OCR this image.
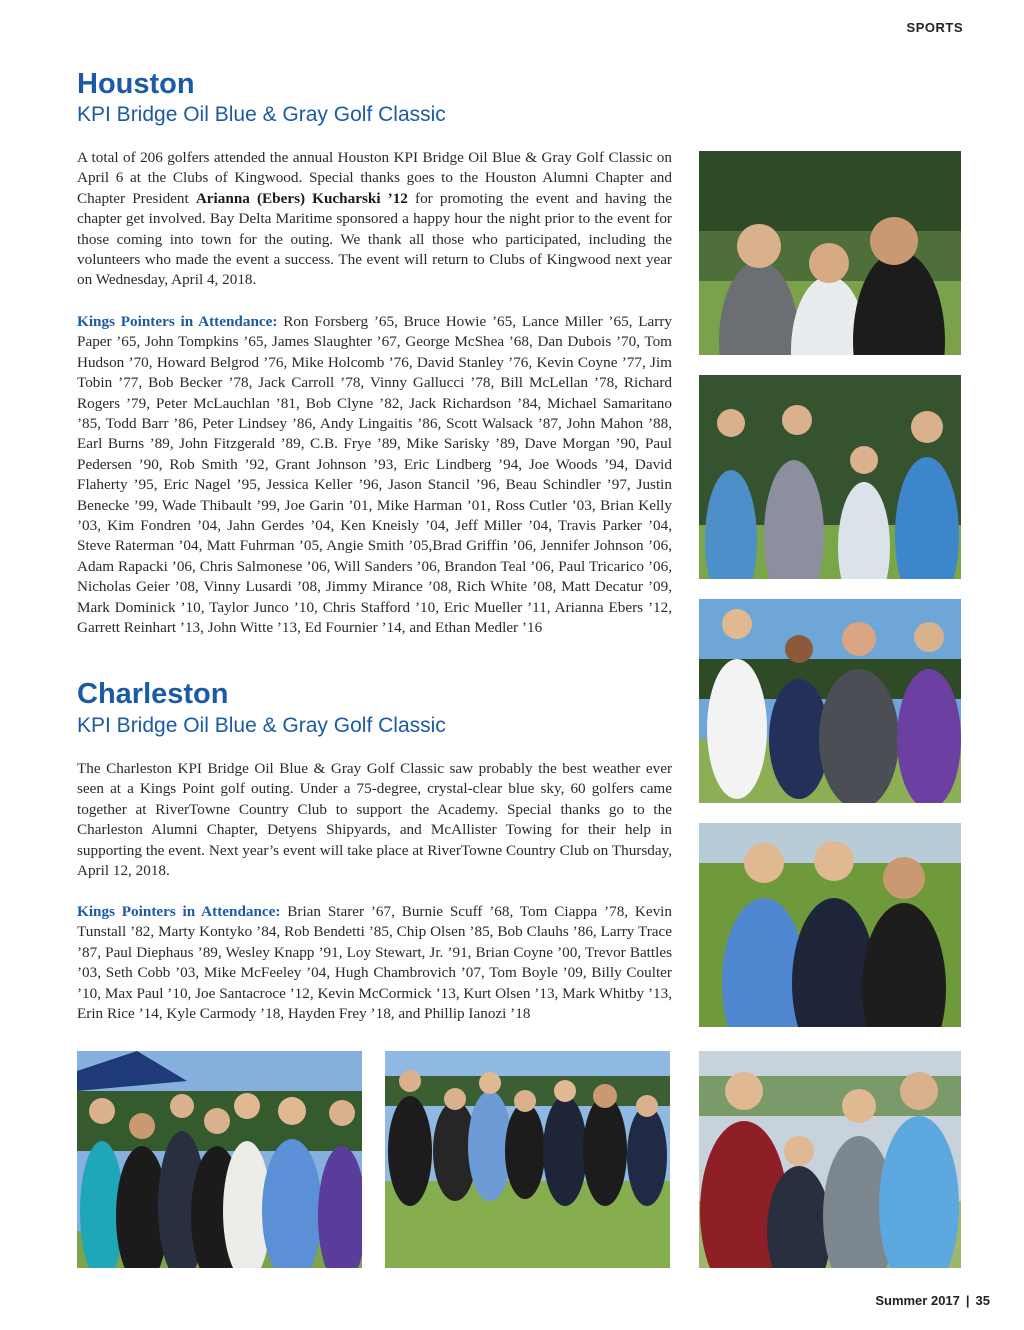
SPORTS
Houston
KPI Bridge Oil Blue & Gray Golf Classic

A total of 206 golfers attended the annual Houston KPI Bridge Oil Blue & Gray Golf Classic on April 6 at the Clubs of Kingwood. Special thanks goes to the Houston Alumni Chapter and Chapter President Arianna (Ebers) Kucharski ’12 for promoting the event and having the chapter get involved. Bay Delta Maritime sponsored a happy hour the night prior to the event for those coming into town for the outing. We thank all those who participated, including the volunteers who made the event a success. The event will return to Clubs of Kingwood next year on Wednesday, April 4, 2018.

Kings Pointers in Attendance: Ron Forsberg ’65, Bruce Howie ’65, Lance Miller ’65, Larry Paper ’65, John Tompkins ’65, James Slaughter ’67, George McShea ’68, Dan Dubois ’70, Tom Hudson ’70, Howard Belgrod ’76, Mike Holcomb ’76, David Stanley ’76, Kevin Coyne ’77, Jim Tobin ’77, Bob Becker ’78, Jack Carroll ’78, Vinny Gallucci ’78, Bill McLellan ’78, Richard Rogers ’79, Peter McLauchlan ’81, Bob Clyne ’82, Jack Richardson ’84, Michael Samaritano ’85, Todd Barr ’86, Peter Lindsey ’86, Andy Lingaitis ’86, Scott Walsack ’87, John Mahon ’88, Earl Burns ’89, John Fitzgerald ’89, C.B. Frye ’89, Mike Sarisky ’89, Dave Morgan ’90, Paul Pedersen ’90, Rob Smith ’92, Grant Johnson ’93, Eric Lindberg ’94, Joe Woods ’94, David Flaherty ’95, Eric Nagel ’95, Jessica Keller ’96, Jason Stancil ’96, Beau Schindler ’97, Justin Benecke ’99, Wade Thibault ’99, Joe Garin ’01, Mike Harman ’01, Ross Cutler ’03, Brian Kelly ’03, Kim Fondren ’04, Jahn Gerdes ’04, Ken Kneisly ’04, Jeff Miller ’04, Travis Parker ’04, Steve Raterman ’04, Matt Fuhrman ’05, Angie Smith ’05,Brad Griffin ’06, Jennifer Johnson ’06, Adam Rapacki ’06, Chris Salmonese ’06, Will Sanders ’06, Brandon Teal ’06, Paul Tricarico ’06, Nicholas Geier ’08, Vinny Lusardi ’08, Jimmy Mirance ’08, Rich White ’08, Matt Decatur ’09, Mark Dominick ’10, Taylor Junco ’10, Chris Stafford ’10, Eric Mueller ’11, Arianna Ebers ’12, Garrett Reinhart ’13, John Witte ’13, Ed Fournier ’14, and Ethan Medler ’16

Charleston
KPI Bridge Oil Blue & Gray Golf Classic

The Charleston KPI Bridge Oil Blue & Gray Golf Classic saw probably the best weather ever seen at a Kings Point golf outing. Under a 75-degree, crystal-clear blue sky, 60 golfers came together at RiverTowne Country Club to support the Academy. Special thanks go to the Charleston Alumni Chapter, Detyens Shipyards, and McAllister Towing for their help in supporting the event. Next year’s event will take place at RiverTowne Country Club on Thursday, April 12, 2018.

Kings Pointers in Attendance: Brian Starer ’67, Burnie Scuff ’68, Tom Ciappa ’78, Kevin Tunstall ’82, Marty Kontyko ’84, Rob Bendetti ’85, Chip Olsen ’85, Bob Clauhs ’86, Larry Trace ’87, Paul Diephaus ’89, Wesley Knapp ’91, Loy Stewart, Jr. ’91, Brian Coyne ’00, Trevor Battles ’03, Seth Cobb ’03, Mike McFeeley ’04, Hugh Chambrovich ’07, Tom Boyle ’09, Billy Coulter ’10, Max Paul ’10, Joe Santacroce ’12, Kevin McCormick ’13, Kurt Olsen ’13, Mark Whitby ’13, Erin Rice ’14, Kyle Carmody ’18, Hayden Frey ’18, and Phillip Ianozi ’18

Summer 2017 | 35
